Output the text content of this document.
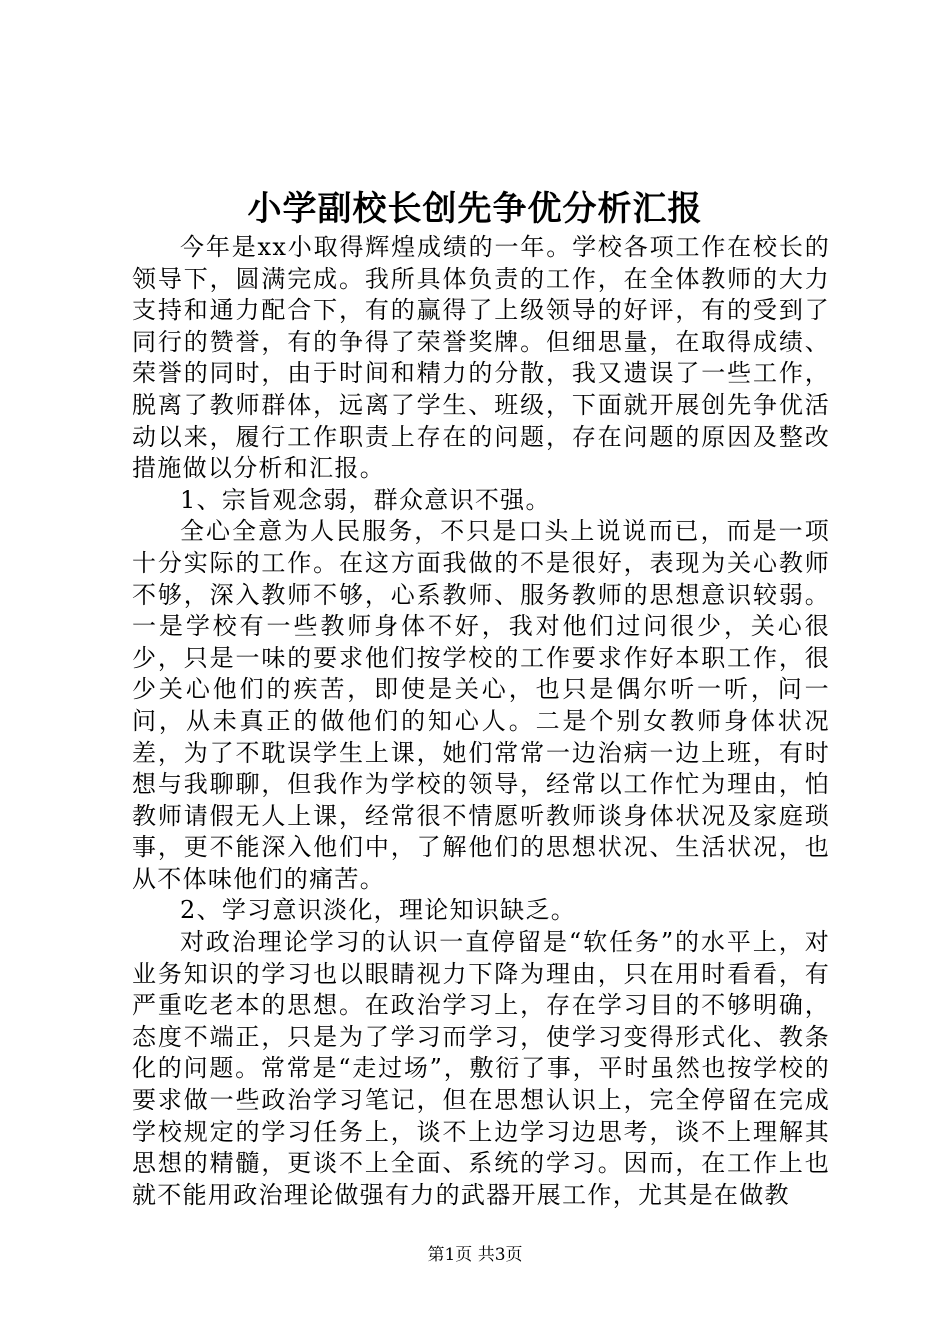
小学副校长创先争优分析汇报

今年是xx小取得辉煌成绩的一年。学校各项工作在校长的领导下，圆满完成。我所具体负责的工作，在全体教师的大力支持和通力配合下，有的赢得了上级领导的好评，有的受到了同行的赞誉，有的争得了荣誉奖牌。但细思量，在取得成绩、荣誉的同时，由于时间和精力的分散，我又遗误了一些工作，脱离了教师群体，远离了学生、班级，下面就开展创先争优活动以来，履行工作职责上存在的问题，存在问题的原因及整改措施做以分析和汇报。

1、宗旨观念弱，群众意识不强。

全心全意为人民服务，不只是口头上说说而已，而是一项十分实际的工作。在这方面我做的不是很好，表现为关心教师不够，深入教师不够，心系教师、服务教师的思想意识较弱。一是学校有一些教师身体不好，我对他们过问很少，关心很少，只是一味的要求他们按学校的工作要求作好本职工作，很少关心他们的疾苦，即使是关心，也只是偶尔听一听，问一问，从未真正的做他们的知心人。二是个别女教师身体状况差，为了不耽误学生上课，她们常常一边治病一边上班，有时想与我聊聊，但我作为学校的领导，经常以工作忙为理由，怕教师请假无人上课，经常很不情愿听教师谈身体状况及家庭琐事，更不能深入他们中，了解他们的思想状况、生活状况，也从不体味他们的痛苦。

2、学习意识淡化，理论知识缺乏。

对政治理论学习的认识一直停留是“软任务”的水平上，对业务知识的学习也以眼睛视力下降为理由，只在用时看看，有严重吃老本的思想。在政治学习上，存在学习目的不够明确，态度不端正，只是为了学习而学习，使学习变得形式化、教条化的问题。常常是“走过场”，敷衍了事，平时虽然也按学校的要求做一些政治学习笔记，但在思想认识上，完全停留在完成学校规定的学习任务上，谈不上边学习边思考，谈不上理解其思想的精髓，更谈不上全面、系统的学习。因而，在工作上也就不能用政治理论做强有力的武器开展工作，尤其是在做教

第1页 共3页
